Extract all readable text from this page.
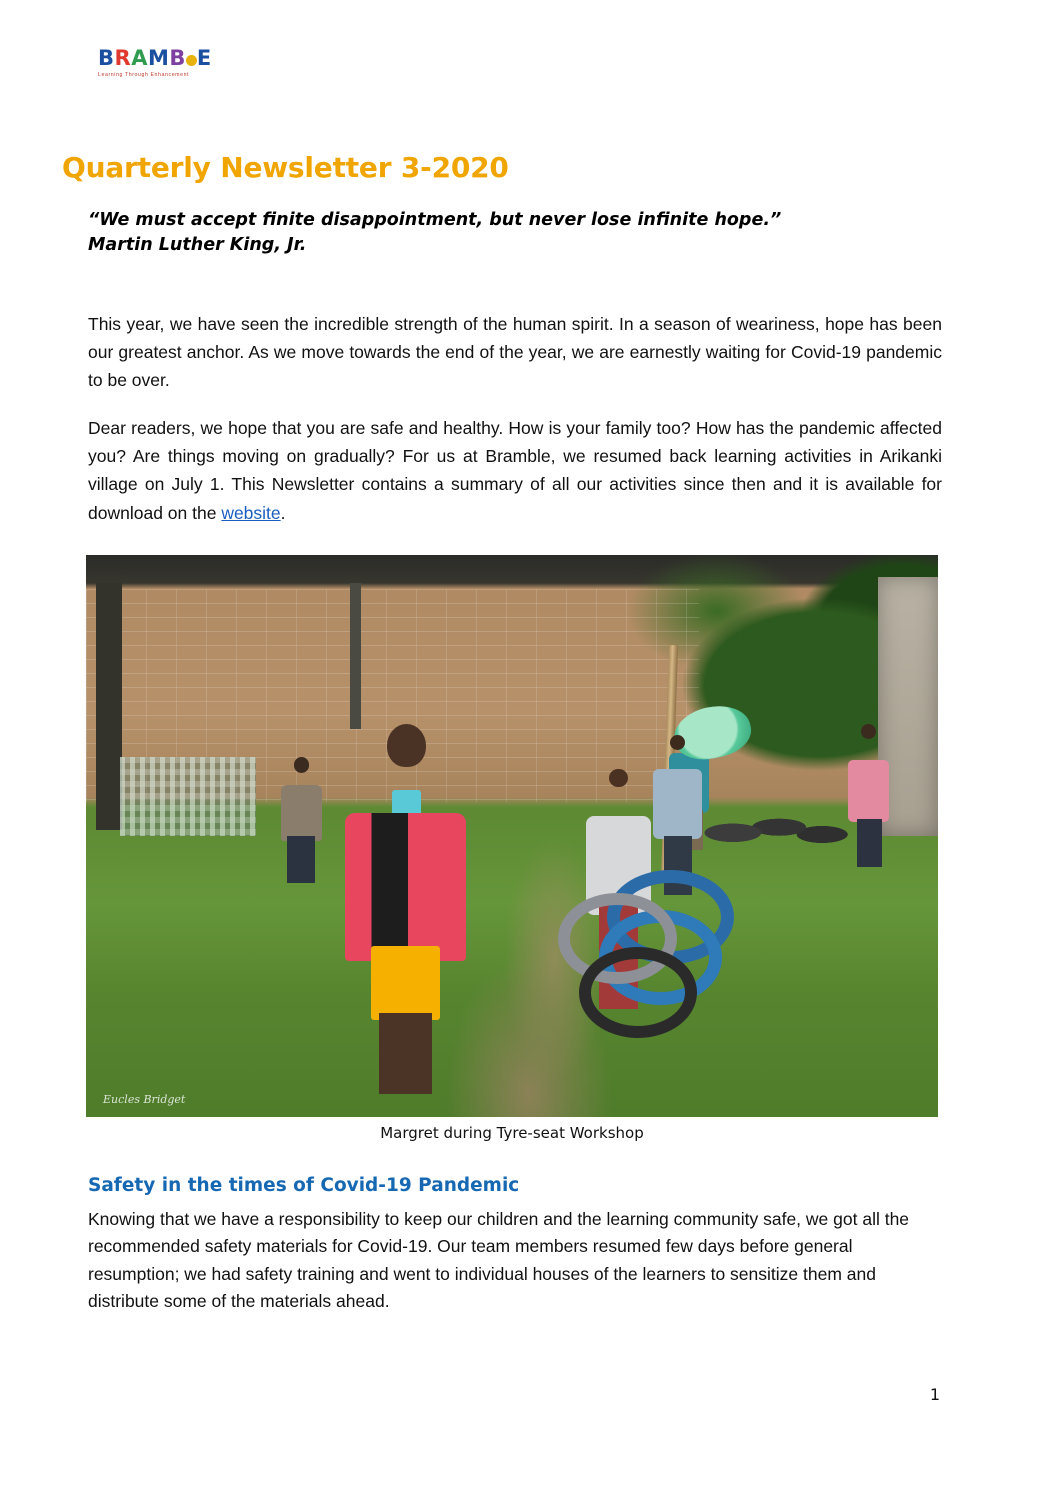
BRAMB E
Learning Through Enhancement
Quarterly Newsletter 3-2020
“We must accept finite disappointment, but never lose infinite hope.”
Martin Luther King, Jr.

This year, we have seen the incredible strength of the human spirit. In a season of weariness, hope has been our greatest anchor. As we move towards the end of the year, we are earnestly waiting for Covid-19 pandemic to be over.

Dear readers, we hope that you are safe and healthy. How is your family too? How has the pandemic affected you? Are things moving on gradually? For us at Bramble, we resumed back learning activities in Arikanki village on July 1. This Newsletter contains a summary of all our activities since then and it is available for download on the website.

Eucles Bridget
Margret during Tyre-seat Workshop
Safety in the times of Covid-19 Pandemic

Knowing that we have a responsibility to keep our children and the learning community safe, we got all the recommended safety materials for Covid-19. Our team members resumed few days before general resumption; we had safety training and went to individual houses of the learners to sensitize them and distribute some of the materials ahead.

1
